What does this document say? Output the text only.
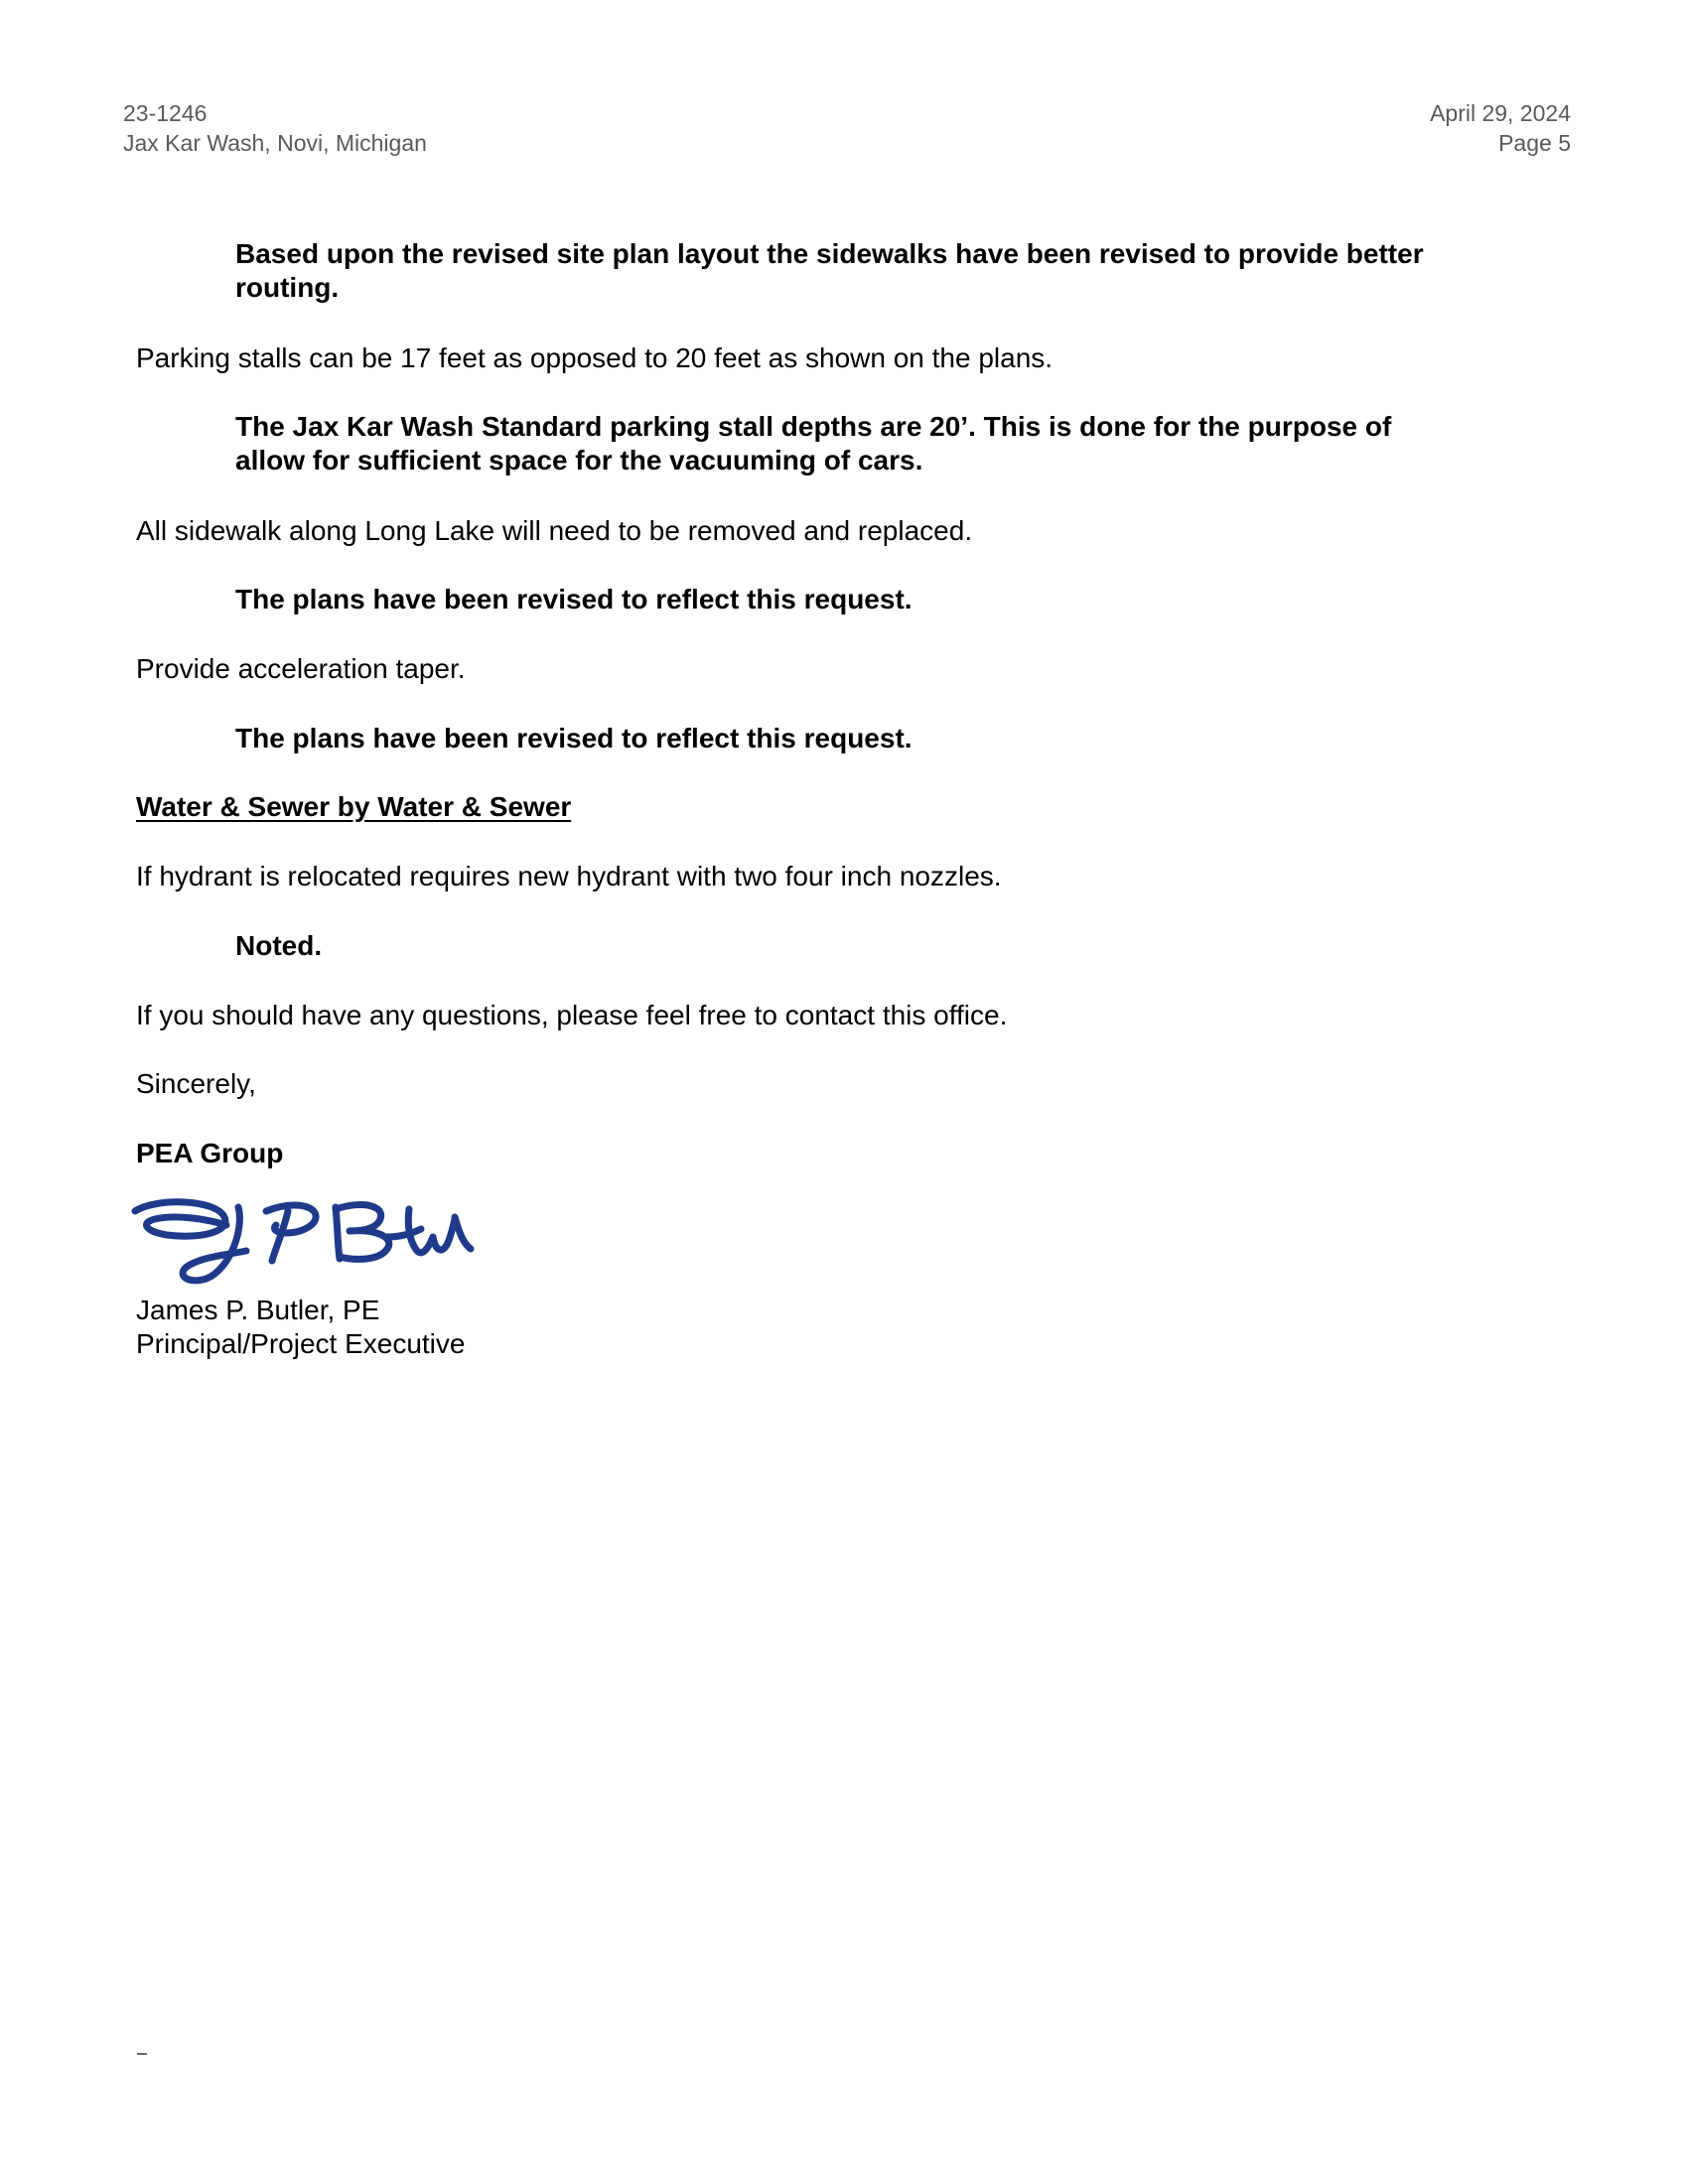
23-1246
Jax Kar Wash, Novi, Michigan
April 29, 2024
Page 5
Based upon the revised site plan layout the sidewalks have been revised to provide better
routing.
Parking stalls can be 17 feet as opposed to 20 feet as shown on the plans.
The Jax Kar Wash Standard parking stall depths are 20’. This is done for the purpose of
allow for sufficient space for the vacuuming of cars.
All sidewalk along Long Lake will need to be removed and replaced.
The plans have been revised to reflect this request.
Provide acceleration taper.
The plans have been revised to reflect this request.
Water & Sewer by Water & Sewer
If hydrant is relocated requires new hydrant with two four inch nozzles.
Noted.
If you should have any questions, please feel free to contact this office.
Sincerely,
PEA Group
James P. Butler, PE
Principal/Project Executive
